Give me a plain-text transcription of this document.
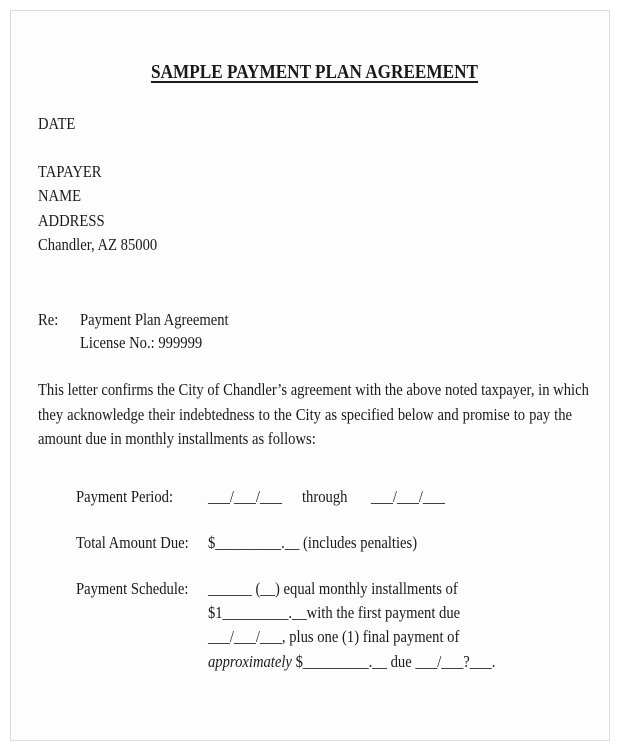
SAMPLE PAYMENT PLAN AGREEMENT
DATE
TAPAYER
NAME
ADDRESS
Chandler, AZ 85000
Re: Payment Plan Agreement
License No.: 999999
This letter confirms the City of Chandler’s agreement with the above noted taxpayer, in which
they acknowledge their indebtedness to the City as specified below and promise to pay the
amount due in monthly installments as follows:
Payment Period: ___/___/___ through ___/___/___
Total Amount Due: $_________.__ (includes penalties)
Payment Schedule: ______ (__) equal monthly installments of
$1_________.__with the first payment due
___/___/___, plus one (1) final payment of
approximately $_________.__ due ___/___?___.
